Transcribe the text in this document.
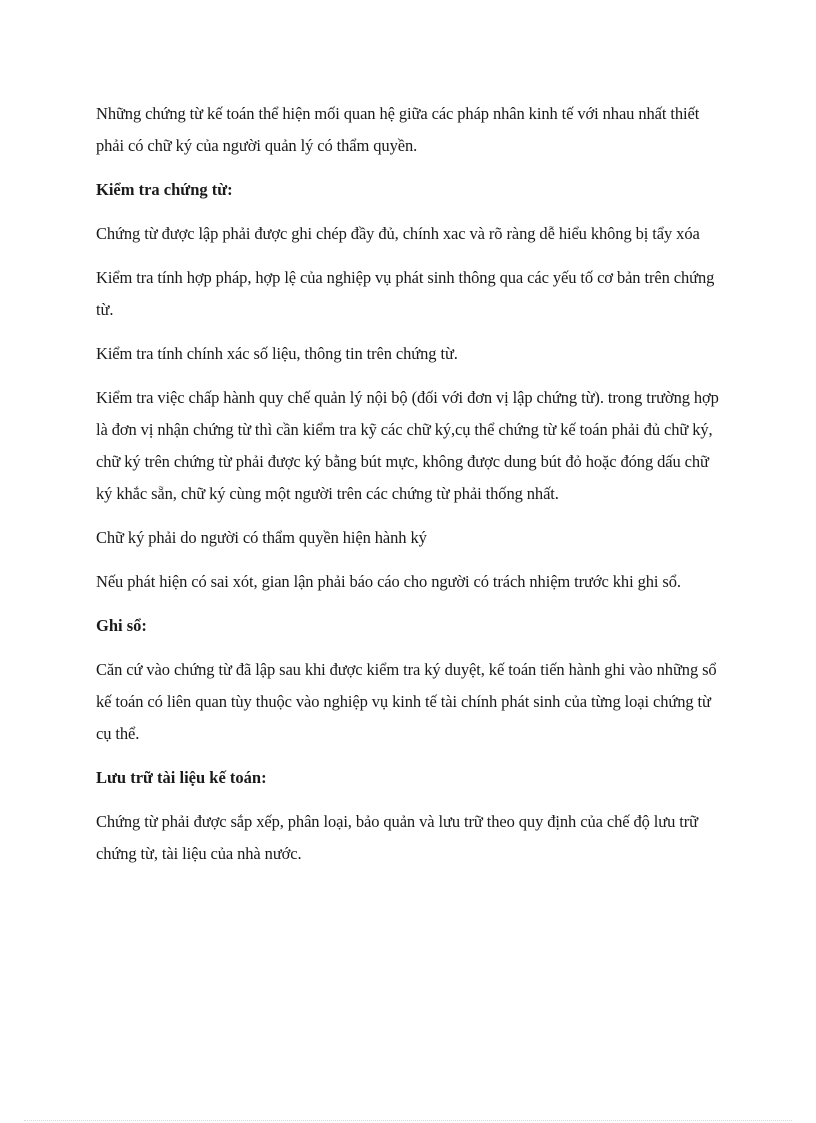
Những chứng từ kế toán thể hiện mối quan hệ giữa các pháp nhân kinh tế với nhau nhất thiết phải có chữ ký của người quản lý có thẩm quyền.

Kiểm tra chứng từ:

Chứng từ được lập phải được ghi chép đầy đủ, chính xac và rõ ràng dễ hiểu không bị tẩy xóa

Kiểm tra tính hợp pháp, hợp lệ của nghiệp vụ phát sinh thông qua các yếu tố cơ bản trên chứng từ.

Kiểm tra tính chính xác số liệu, thông tin trên chứng từ.

Kiểm tra việc chấp hành quy chế quản lý nội bộ (đối với đơn vị lập chứng từ). trong trường hợp là đơn vị nhận chứng từ thì cần kiểm tra kỹ các chữ ký,cụ thể chứng từ kế toán phải đủ chữ ký, chữ ký trên chứng từ phải được ký bằng bút mực, không được dung bút đỏ hoặc đóng dấu chữ ký khắc sẵn, chữ ký cùng một người trên các chứng từ phải thống nhất.

Chữ ký phải do người có thẩm quyền hiện hành ký

Nếu phát hiện có sai xót, gian lận phải báo cáo cho người có trách nhiệm trước khi ghi sổ.

Ghi sổ:

Căn cứ vào chứng từ đã lập sau khi được kiểm tra ký duyệt, kế toán tiến hành ghi vào những sổ kế toán có liên quan tùy thuộc vào nghiệp vụ kinh tế tài chính phát sinh của từng loại chứng từ cụ thể.

Lưu trữ tài liệu kế toán:

Chứng từ phải được sắp xếp, phân loại, bảo quản và lưu trữ theo quy định của chế độ lưu trữ chứng từ, tài liệu của nhà nước.
